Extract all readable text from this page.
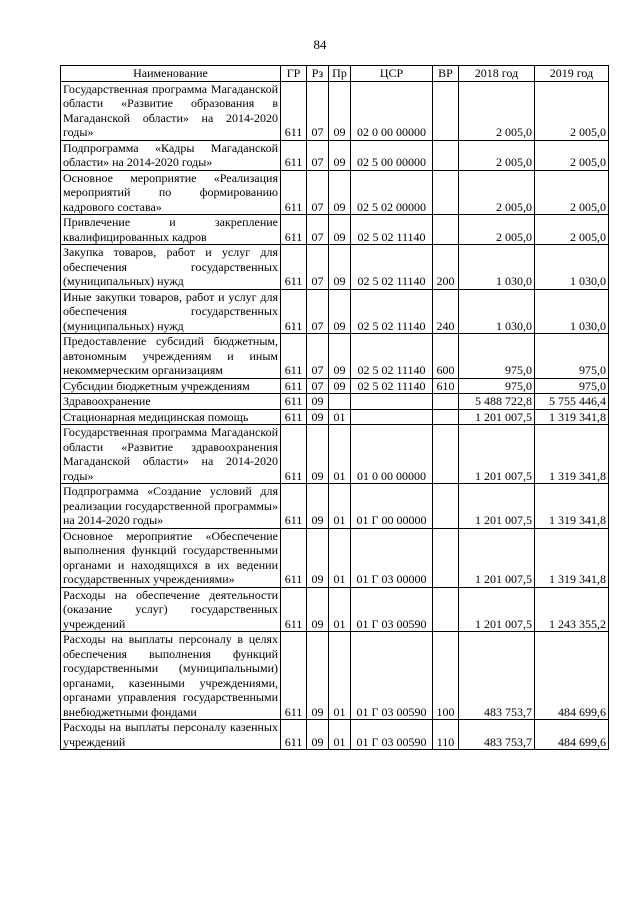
84
Наименование	ГР	Рз	Пр	ЦСР	ВР	2018 год	2019 год
Государственная программа Магаданской области «Развитие образования в Магаданской области» на 2014-2020 годы»	611	07	09	02 0 00 00000		2 005,0	2 005,0
Подпрограмма «Кадры Магаданской области» на 2014-2020 годы»	611	07	09	02 5 00 00000		2 005,0	2 005,0
Основное мероприятие «Реализация мероприятий по формированию кадрового состава»	611	07	09	02 5 02 00000		2 005,0	2 005,0
Привлечение и закрепление квалифицированных кадров	611	07	09	02 5 02 11140		2 005,0	2 005,0
Закупка товаров, работ и услуг для обеспечения государственных (муниципальных) нужд	611	07	09	02 5 02 11140	200	1 030,0	1 030,0
Иные закупки товаров, работ и услуг для обеспечения государственных (муниципальных) нужд	611	07	09	02 5 02 11140	240	1 030,0	1 030,0
Предоставление субсидий бюджетным, автономным учреждениям и иным некоммерческим организациям	611	07	09	02 5 02 11140	600	975,0	975,0
Субсидии бюджетным учреждениям	611	07	09	02 5 02 11140	610	975,0	975,0
Здравоохранение	611	09				5 488 722,8	5 755 446,4
Стационарная медицинская помощь	611	09	01			1 201 007,5	1 319 341,8
Государственная программа Магаданской области «Развитие здравоохранения Магаданской области» на 2014-2020 годы»	611	09	01	01 0 00 00000		1 201 007,5	1 319 341,8
Подпрограмма «Создание условий для реализации государственной программы» на 2014-2020 годы»	611	09	01	01 Г 00 00000		1 201 007,5	1 319 341,8
Основное мероприятие «Обеспечение выполнения функций государственными органами и находящихся в их ведении государственных учреждениями»	611	09	01	01 Г 03 00000		1 201 007,5	1 319 341,8
Расходы на обеспечение деятельности (оказание услуг) государственных учреждений	611	09	01	01 Г 03 00590		1 201 007,5	1 243 355,2
Расходы на выплаты персоналу в целях обеспечения выполнения функций государственными (муниципальными) органами, казенными учреждениями, органами управления государственными внебюджетными фондами	611	09	01	01 Г 03 00590	100	483 753,7	484 699,6
Расходы на выплаты персоналу казенных учреждений	611	09	01	01 Г 03 00590	110	483 753,7	484 699,6
